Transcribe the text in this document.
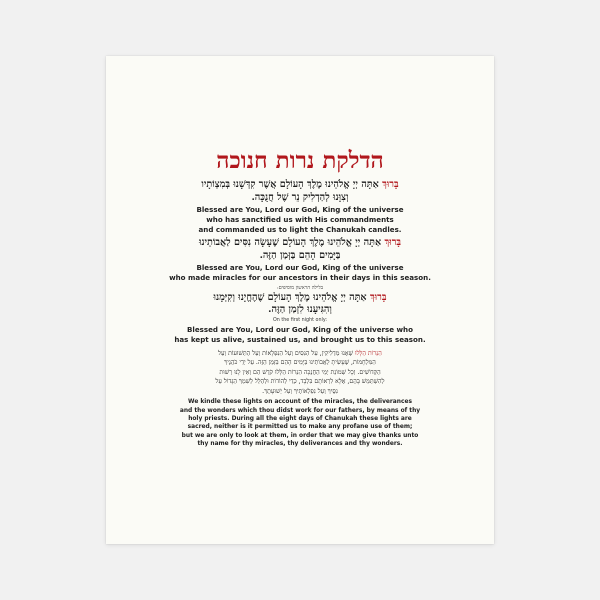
הדלקת נרות חנוכה
בָּרוּךְ אַתָּה יְיָ אֱלֹהֵינוּ מֶלֶךְ הָעוֹלָם אֲשֶׁר קִדְּשָׁנוּ בְּמִצְוֹתָיו
וְצִוָּנוּ לְהַדְלִיק נֵר שֶׁל חֲנֻכָּה.
Blessed are You, Lord our God, King of the universe
who has sanctified us with His commandments
and commanded us to light the Chanukah candles.
בָּרוּךְ אַתָּה יְיָ אֱלֹהֵינוּ מֶלֶךְ הָעוֹלָם שֶׁעָשָׂה נִסִּים לַאֲבוֹתֵינוּ
בַּיָּמִים הָהֵם בַּזְּמַן הַזֶּה.
Blessed are You, Lord our God, King of the universe
who made miracles for our ancestors in their days in this season.
בלילה הראשון מוסיפים:
בָּרוּךְ אַתָּה יְיָ אֱלֹהֵינוּ מֶלֶךְ הָעוֹלָם שֶׁהֶחֱיָנוּ וְקִיְּמָנוּ
וְהִגִּיעָנוּ לִזְמַן הַזֶּה.
On the first night only:
Blessed are You, Lord our God, King of the universe who
has kept us alive, sustained us, and brought us to this season.
הַנֵּרוֹת הַלָּלוּ שֶׁאָנוּ מַדְלִיקִין, עַל הַנִּסִּים וְעַל הַנִּפְלָאוֹת וְעַל הַתְּשׁוּעוֹת וְעַל
הַמִּלְחָמוֹת, שֶׁעָשִׂיתָ לַאֲבוֹתֵינוּ בַּיָּמִים הָהֵם בַּזְּמַן הַזֶּה. עַל יְדֵי כֹּהֲנֶיךָ
הַקְּדוֹשִׁים. וְכָל שְׁמוֹנַת יְמֵי הַחֲנֻכָּה הַנֵּרוֹת הַלָּלוּ קֹדֶשׁ הֵם וְאֵין לָנוּ רְשׁוּת
לְהִשְׁתַּמֵּשׁ בָּהֶם, אֶלָּא לִרְאוֹתָם בִּלְבָד, כְּדֵי לְהוֹדוֹת וּלְהַלֵּל לְשִׁמְךָ הַגָּדוֹל עַל
נִסֶּיךָ וְעַל נִפְלְאוֹתֶיךָ וְעַל יְשׁוּעָתֶךָ.
We kindle these lights on account of the miracles, the deliverances
and the wonders which thou didst work for our fathers, by means of thy
holy priests. During all the eight days of Chanukah these lights are
sacred, neither is it permitted us to make any profane use of them;
but we are only to look at them, in order that we may give thanks unto
thy name for thy miracles, thy deliverances and thy wonders.
